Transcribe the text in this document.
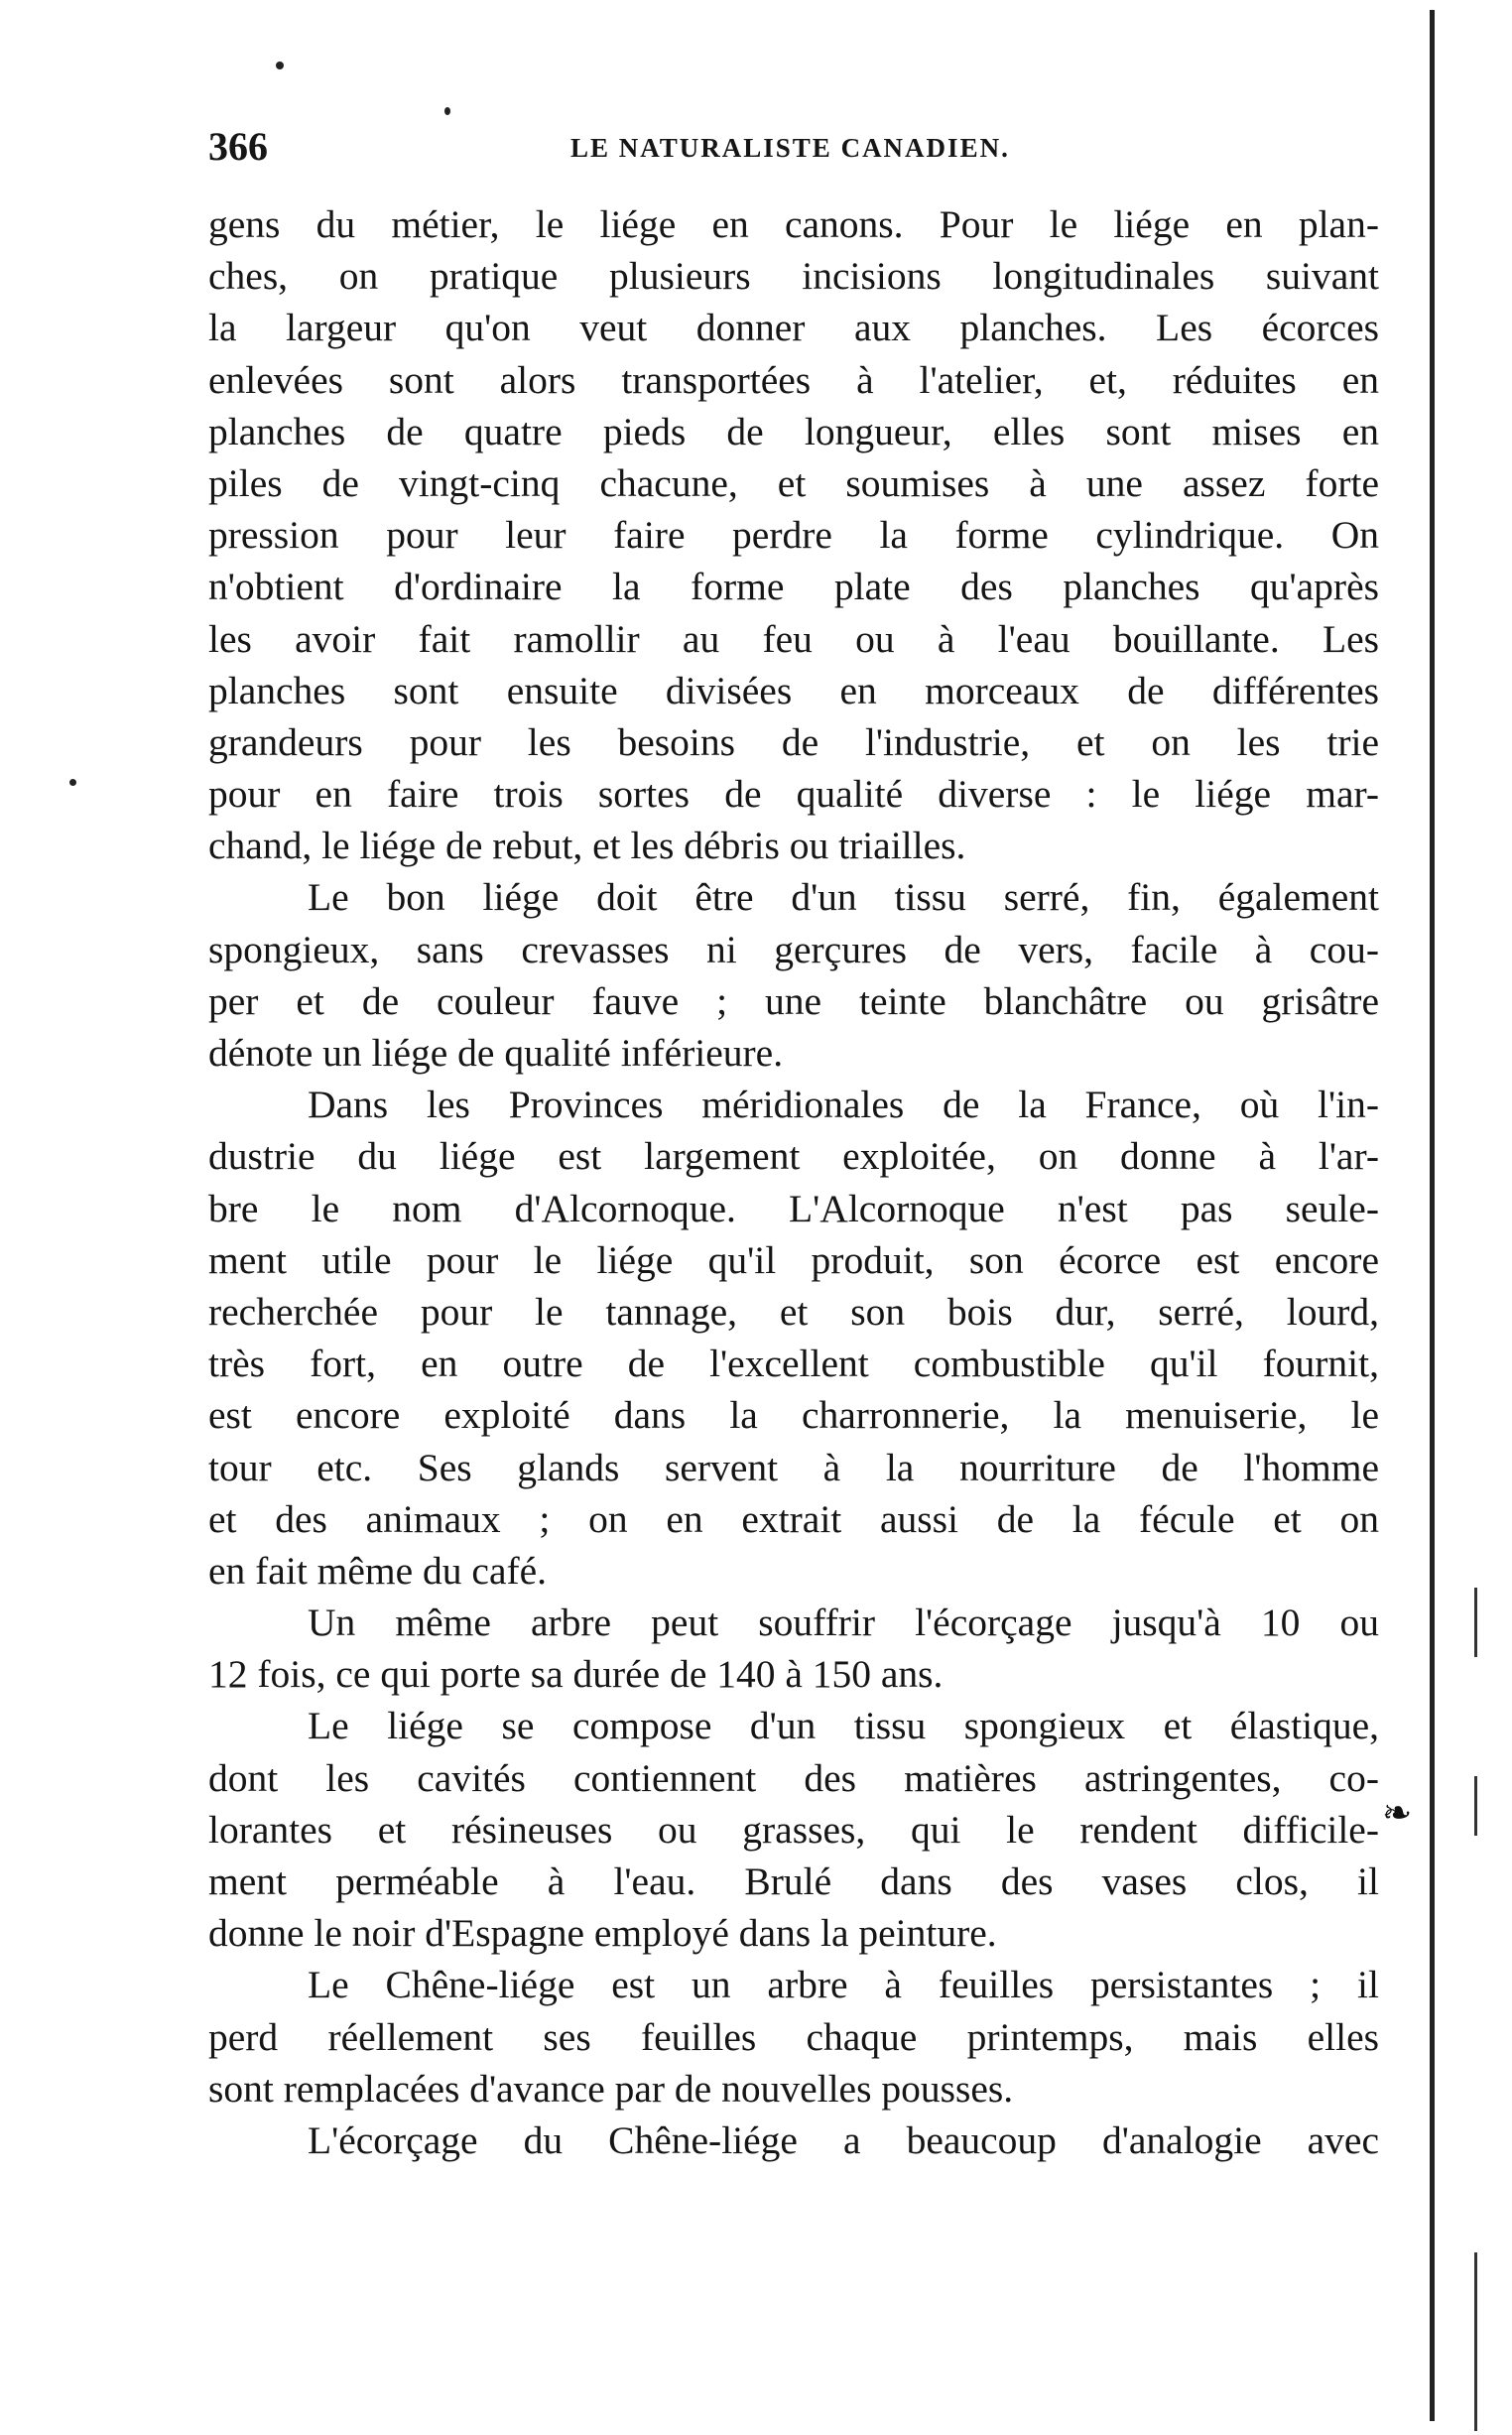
366	LE NATURALISTE CANADIEN.
gens du métier, le liége en canons. Pour le liége en plan-
ches, on pratique plusieurs incisions longitudinales suivant
la largeur qu'on veut donner aux planches. Les écorces
enlevées sont alors transportées à l'atelier, et, réduites en
planches de quatre pieds de longueur, elles sont mises en
piles de vingt-cinq chacune, et soumises à une assez forte
pression pour leur faire perdre la forme cylindrique. On
n'obtient d'ordinaire la forme plate des planches qu'après
les avoir fait ramollir au feu ou à l'eau bouillante. Les
planches sont ensuite divisées en morceaux de différentes
grandeurs pour les besoins de l'industrie, et on les trie
pour en faire trois sortes de qualité diverse : le liége mar-
chand, le liége de rebut, et les débris ou triailles.
Le bon liége doit être d'un tissu serré, fin, également
spongieux, sans crevasses ni gerçures de vers, facile à cou-
per et de couleur fauve ; une teinte blanchâtre ou grisâtre
dénote un liége de qualité inférieure.
Dans les Provinces méridionales de la France, où l'in-
dustrie du liége est largement exploitée, on donne à l'ar-
bre le nom d'Alcornoque. L'Alcornoque n'est pas seule-
ment utile pour le liége qu'il produit, son écorce est encore
recherchée pour le tannage, et son bois dur, serré, lourd,
très fort, en outre de l'excellent combustible qu'il fournit,
est encore exploité dans la charronnerie, la menuiserie, le
tour etc. Ses glands servent à la nourriture de l'homme
et des animaux ; on en extrait aussi de la fécule et on
en fait même du café.
Un même arbre peut souffrir l'écorçage jusqu'à 10 ou
12 fois, ce qui porte sa durée de 140 à 150 ans.
Le liége se compose d'un tissu spongieux et élastique,
dont les cavités contiennent des matières astringentes, co-
lorantes et résineuses ou grasses, qui le rendent difficile-
ment perméable à l'eau. Brulé dans des vases clos, il
donne le noir d'Espagne employé dans la peinture.
Le Chêne-liége est un arbre à feuilles persistantes ; il
perd réellement ses feuilles chaque printemps, mais elles
sont remplacées d'avance par de nouvelles pousses.
L'écorçage du Chêne-liége a beaucoup d'analogie avec
❧
